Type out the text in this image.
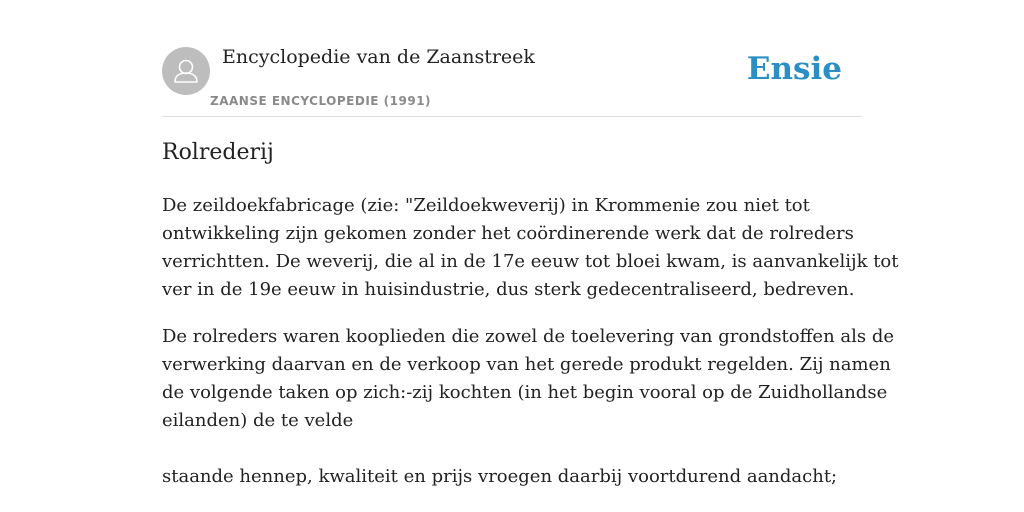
Encyclopedie van de Zaanstreek
ZAANSE ENCYCLOPEDIE (1991)
Ensie
Rolrederij

De zeildoekfabricage (zie: "Zeildoekweverij) in Krommenie zou niet tot
ontwikkeling zijn gekomen zonder het coördinerende werk dat de rolreders
verrichtten. De weverij, die al in de 17e eeuw tot bloei kwam, is aanvankelijk tot
ver in de 19e eeuw in huisindustrie, dus sterk gedecentraliseerd, bedreven.

De rolreders waren kooplieden die zowel de toelevering van grondstoffen als de
verwerking daarvan en de verkoop van het gerede produkt regelden. Zij namen
de volgende taken op zich:-zij kochten (in het begin vooral op de Zuidhollandse
eilanden) de te velde
staande hennep, kwaliteit en prijs vroegen daarbij voortdurend aandacht;
